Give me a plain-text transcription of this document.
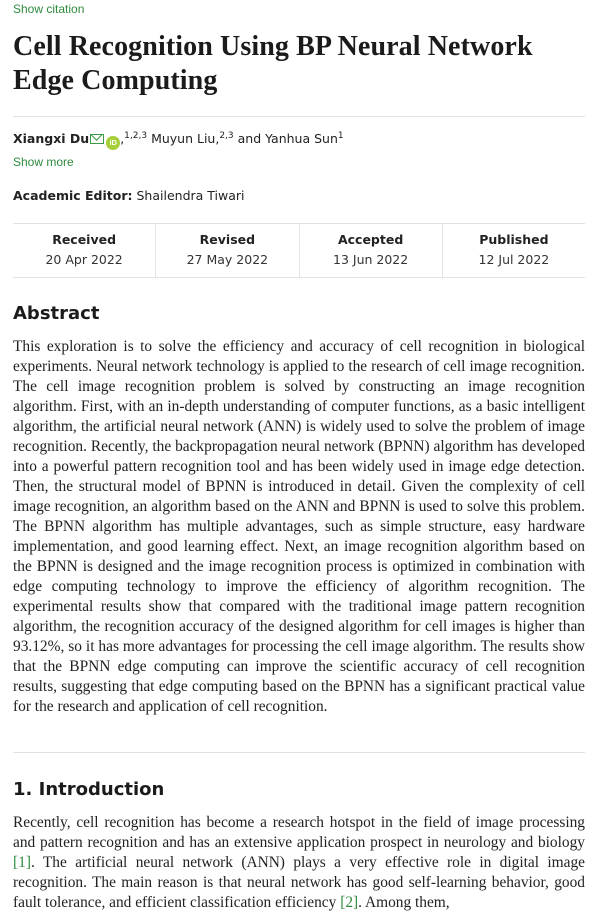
Show citation
Cell Recognition Using BP Neural Network Edge Computing
Xiangxi Du	iD ,$^{1,2,3}$ Muyun Liu,$^{2,3}$ and Yanhua Sun$^1$
Show more
Academic Editor: Shailendra Tiwari
Received
20 Apr 2022
Revised
27 May 2022
Accepted
13 Jun 2022
Published
12 Jul 2022
Abstract

This exploration is to solve the efficiency and accuracy of cell recognition in biological experiments. Neural network technology is applied to the research of cell image recognition. The cell image recognition problem is solved by constructing an image recognition algorithm. First, with an in-depth understanding of computer functions, as a basic intelligent algorithm, the artificial neural network (ANN) is widely used to solve the problem of image recognition. Recently, the backpropagation neural network (BPNN) algorithm has developed into a powerful pattern recognition tool and has been widely used in image edge detection. Then, the structural model of BPNN is introduced in detail. Given the complexity of cell image recognition, an algorithm based on the ANN and BPNN is used to solve this problem. The BPNN algorithm has multiple advantages, such as simple structure, easy hardware implementation, and good learning effect. Next, an image recognition algorithm based on the BPNN is designed and the image recognition process is optimized in combination with edge computing technology to improve the efficiency of algorithm recognition. The experimental results show that compared with the traditional image pattern recognition algorithm, the recognition accuracy of the designed algorithm for cell images is higher than 93.12%, so it has more advantages for processing the cell image algorithm. The results show that the BPNN edge computing can improve the scientific accuracy of cell recognition results, suggesting that edge computing based on the BPNN has a significant practical value for the research and application of cell recognition.

1. Introduction

Recently, cell recognition has become a research hotspot in the field of image processing and pattern recognition and has an extensive application prospect in neurology and biology [1]. The artificial neural network (ANN) plays a very effective role in digital image recognition. The main reason is that neural network has good self-learning behavior, good fault tolerance, and efficient classification efficiency [2]. Among them,
